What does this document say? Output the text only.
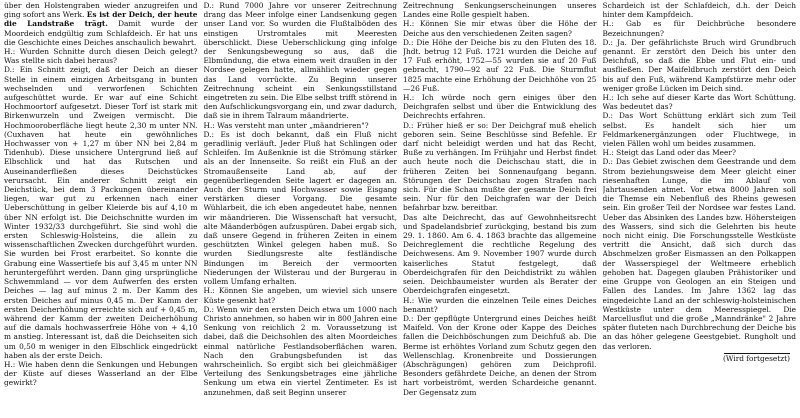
über den Holstengraben wieder anzugreifen und ging sofort ans Werk. Es ist der Deich, der heute die Landstraße trägt. Damit wurde der Moordeich endgültig zum Schlafdeich. Er hat uns die Geschichte eines Deiches anschaulich bewahrt.

H.: Wurden Schnitte durch diesen Deich gelegt? Was stellte sich dabei heraus?

D.: Ein Schnitt zeigt, daß der Deich an dieser Stelle in einem einzigen Arbeitsgang in bunten wechselnden und verworfenen Schichten aufgeschüttet wurde. Er war auf eine Schicht Hochmoortorf aufgesetzt. Dieser Torf ist stark mit Birkenwurzeln und Zweigen vermischt. Die Hochmooroberfläche liegt heute 2,30 m unter NN. (Cuxhaven hat heute ein gewöhnliches Hochwasser von + 1,27 m über NN bei 2,84 m Tidenhub). Diese unsichere Untergrund ließ auf Elbschlick und hat das Rutschen und Auseinanderfließen dieses Deichstückes verursacht. Ein anderer Schnitt zeigt ein Deichstück, bei dem 3 Packungen übereinander liegen, war gut zu erkennen nach einer Ueberschüttung in gelber Kleierde bis auf 4,10 m über NN erfolgt ist. Die Deichschnitte wurden im Winter 1932/33 durchgeführt. Sie sind wohl die ersten Schleswig-Holsteins, die allein zu wissenschaftlichen Zwecken durchgeführt wurden. Sie wurden bei Frost erarbeitet. So konnte die Grabung eine Wassertiefe bis auf 3,45 m unter NN heruntergeführt werden. Dann ging ursprüngliche Schwemmland — vor dem Aufwerfen des ersten Deiches — lag auf minus 2 m. Der Kamm des ersten Deiches auf minus 0,45 m. Der Kamm der ersten Deicherhöhung erreichte sich auf + 0,45 m, während der Kamm der zweiten Deicherhöhung auf die damals hochwasserfreie Höhe von + 4,10 m anstieg. Interessant ist, daß die Deichseiten sich um 0,50 m weniger in den Elbschlick eingedrückt haben als der erste Deich.

H.: Wie haben denn die Senkungen und Hebungen der Küste auf dieses Wasserland an der Elbe gewirkt?

D.: Rund 7000 Jahre vor unserer Zeitrechnung drang das Meer infolge einer Landsenkung gegen unser Land vor. So wurden die Flußtalböden des einstigen Urstromtales mit Meeresten überschlickt. Diese Ueberschlickung ging infolge der Senkungsbewegung so aus, daß die Elbmündung, die etwa einem weit draußen in der Nordsee gelegen hatte, allmählich wieder gegen das Land vorrückte. Zu Beginn unserer Zeitrechnung scheint ein Senkungsstillstand eingetreten zu sein. Die Elbe selbst trifft störend in den Aufschlickungsvorgang ein, und zwar dadurch, daß sie in ihrem Talraum mäandrierte.

H.: Was versteht man unter „mäandrieren"?

D.: Es ist doch bekannt, daß ein Fluß nicht geradlinig verläuft. Jeder Fluß hat Schlingen oder Schleifen. Im Außenknie ist die Strömung stärker als an der Innenseite. So reißt ein Fluß an der Stromaußenseite Land ab, auf der gegenüberliegenden Seite lagert er dagegen an. Auch der Sturm und Hochwasser sowie Eisgang verstärken dieser Vorgang. Die gesamte Wühlarbeit, die ich eben angedeutet habe, nennen wir mäandrieren. Die Wissenschaft hat versucht, alte Mäanderbögen aufzuspüren. Dabei ergab sich, daß unsere Gegend in früheren Zeiten in einem geschützten Winkel gelegen haben muß. So wurden Siedlungsreste alte festländische Bindungen im Bereich der vermoorten Niederungen der Wilsterau und der Burgerau in vollem Umfang erhalten.

H.: Können Sie angeben, um wieviel sich unsere Küste gesenkt hat?

D.: Wenn wir den ersten Deich etwa um 1000 nach Christo annehmen, so haben wir in 800 Jahren eine Senkung von reichlich 2 m. Voraussetzung ist dabei, daß die Deichsohlen des alten Moordeiches einmal natürliche Festlandsoberflächen waren. Nach den Grabungsbefunden ist das wahrscheinlich. So ergibt sich bei gleichmäßiger Verteilung des Senkungsbetrages eine jährliche Senkung um etwa ein viertel Zentimeter. Es ist anzunehmen, daß seit Beginn unserer

Zeitrechnung Senkungserscheinungen unseres Landes eine Rolle gespielt haben.

H.: Können Sie mir etwas über die Höhe der Deiche aus den verschiedenen Zeiten sagen?

D.: Die Höhe der Deiche bis zu den Fluten des 18. Jhdt. betrug 12 Fuß. 1721 wurden die Deiche auf 17 Fuß erhöht, 1752—55 wurden sie auf 20 Fuß gebracht, 1790—92 auf 22 Fuß. Die Sturmflut 1825 machte eine Erhöhung der Deichhöhe von 25—26 Fuß.

H.: Ich würde noch gern einiges über den Deichgrafen selbst und über die Entwicklung des Deichrechts erfahren.

D.: Früher hieß er so: Der Deichgraf muß ehelich geboren sein. Seine Beschlüsse sind Befehle. Er darf nicht beleidigt werden und hat das Recht, Buße zu verhängen. Im Frühjahr und Herbst findet auch heute noch die Deichschau statt, die in früheren Zeiten bei Sonnenaufgang begann. Störungen der Deichschau zogen Strafen nach sich. Für die Schau mußte der gesamte Deich frei sein. Nur für den Deichgrafen war der Deich befahrbar bzw. bereitbar.

Das alte Deichrecht, das auf Gewohnheitsrecht und Spadelandsbrief zurückging, bestand bis zum 29. 1. 1860. Am 6. 4. 1863 brachte das allgemeine Deichreglement die rechtliche Regelung des Deichwesens. Am 9. November 1907 wurde durch kaiserliches Statut festgelegt, daß Oberdeichgrafen für den Deichdistrikt zu wählen seien. Deichbaumeister wurden als Berater der Oberdeichgrafen eingesetzt.

H.: Wie wurden die einzelnen Teile eines Deiches benannt?

D.: Der gepflügte Untergrund eines Deiches heißt Maifeld. Von der Krone oder Kappe des Deiches fallen die Deichböschungen zum Deichfuß ab. Die Berme ist erhöhtes Vorland zum Schutz gegen den Wellenschlag. Kronenbreite und Dossierungen (Abschrägungen) gehören zum Deichprofil. Besonders gefährdete Deiche, an denen der Strom hart vorbeiströmt, werden Schardeiche genannt. Der Gegensatz zum

Schardeich ist der Schlafdeich, d.h. der Deich hinter dem Kampfdeich.

H.: Gab es für Deichbrüche besondere Bezeichnungen?

D.: Ja. Der gefährlichste Bruch wird Grundbruch genannt. Er zerstört den Deich bis unter den Deichfuß, so daß die Ebbe und Flut ein- und ausfließen. Der Maifeldbruch zerstört den Deich bis auf den Fuß, während Kampfstürze mehr oder weniger große Lücken im Deich sind.

H.: Ich sehe auf dieser Karte das Wort Schüttung. Was bedeutet das?

D.: Das Wort Schüttung erklärt sich zum Teil selbst. Es handelt sich hier um Feldmarkenergänzungen oder Fluchtwege, in vielen Fällen wohl um beides zusammen.

H.: Steigt das Land oder das Meer?

D.: Das Gebiet zwischen dem Geestrande und dem Strom beziehungsweise dem Meer gleicht einer riesenhaften Lunge, die im Ablauf von Jahrtausenden atmet. Vor etwa 8000 Jahren soll die Themse ein Nebenfluß des Rheins gewesen sein. Ein großer Teil der Nordsee war festes Land. Ueber das Absinken des Landes bzw. Höhersteigen des Wassers, sind sich die Gelehrten bis heute noch nicht einig. Die Forschungsstelle Westküste vertritt die Ansicht, daß sich durch das Abschmelzen großer Eismassen an den Polkappen der Wasserspiegel der Weltmeere erheblich gehoben hat. Dagegen glauben Prähistoriker und eine Gruppe von Geologen an ein Steigen und Fallen des Landes. Im Jahre 1362 lag das eingedeichte Land an der schleswig-holsteinischen Westküste unter dem Meeresspiegel. Die Marcellusflut und die große „Manndränke" 2 Jahre später fluteten nach Durchbrechung der Deiche bis an das höher gelegene Geestgebiet. Rungholt und das verloren.

(Wird fortgesetzt)
